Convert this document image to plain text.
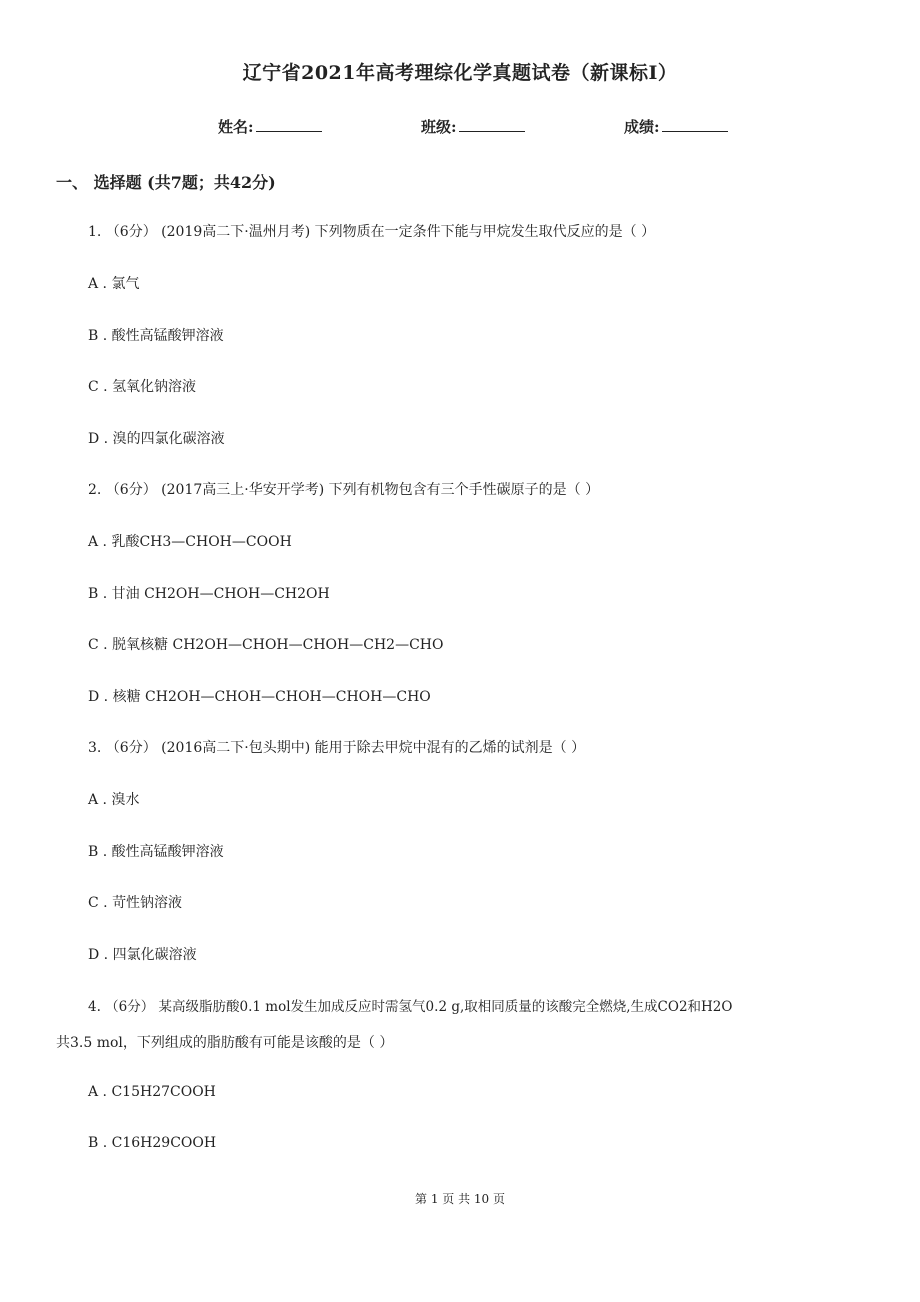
辽宁省2021年高考理综化学真题试卷（新课标Ⅰ）
姓名:	班级:	成绩:
一、 选择题 (共7题；共42分)
1. （6分） (2019高二下·温州月考) 下列物质在一定条件下能与甲烷发生取代反应的是（ ）
A . 氯气
B . 酸性高锰酸钾溶液
C . 氢氧化钠溶液
D . 溴的四氯化碳溶液
2. （6分） (2017高三上·华安开学考) 下列有机物包含有三个手性碳原子的是（ ）
A . 乳酸CH3—CHOH—COOH
B . 甘油 CH2OH—CHOH—CH2OH
C . 脱氧核糖 CH2OH—CHOH—CHOH—CH2—CHO
D . 核糖 CH2OH—CHOH—CHOH—CHOH—CHO
3. （6分） (2016高二下·包头期中) 能用于除去甲烷中混有的乙烯的试剂是（ ）
A . 溴水
B . 酸性高锰酸钾溶液
C . 苛性钠溶液
D . 四氯化碳溶液
4. （6分） 某高级脂肪酸0.1 mol发生加成反应时需氢气0.2 g,取相同质量的该酸完全燃烧,生成CO2和H2O
共3.5 mol，下列组成的脂肪酸有可能是该酸的是（ ）
A . C15H27COOH
B . C16H29COOH
第 1 页 共 10 页
